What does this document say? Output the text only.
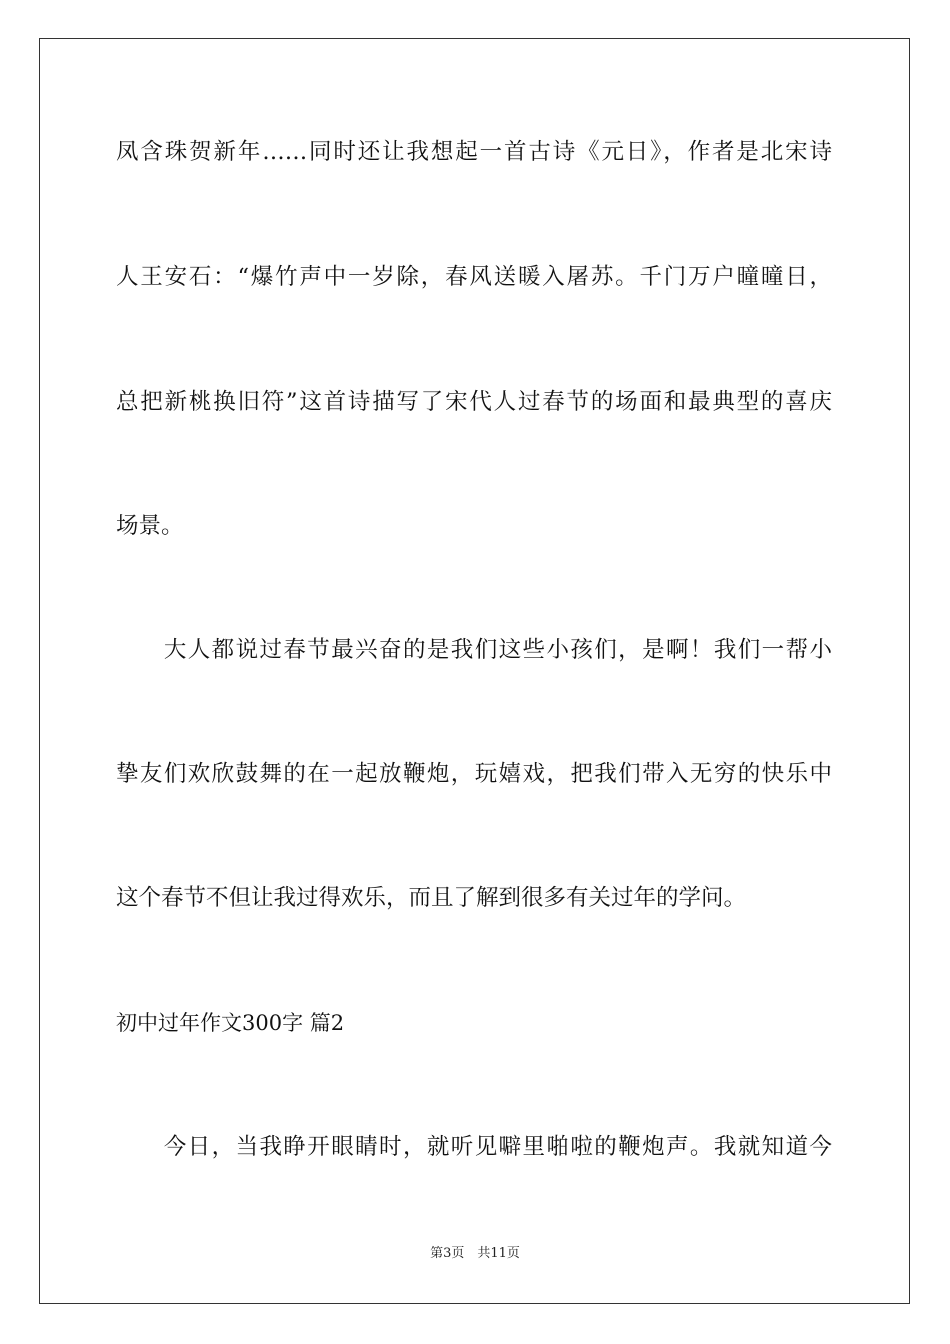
凤含珠贺新年……同时还让我想起一首古诗《元日》，作者是北宋诗
人王安石：“爆竹声中一岁除，春风送暖入屠苏。千门万户曈曈日，
总把新桃换旧符”这首诗描写了宋代人过春节的场面和最典型的喜庆
场景。
　　大人都说过春节最兴奋的是我们这些小孩们，是啊！我们一帮小
挚友们欢欣鼓舞的在一起放鞭炮，玩嬉戏，把我们带入无穷的快乐中
这个春节不但让我过得欢乐，而且了解到很多有关过年的学问。
初中过年作文300字 篇2
　　今日，当我睁开眼睛时，就听见噼里啪啦的鞭炮声。我就知道今
第3页　共11页
